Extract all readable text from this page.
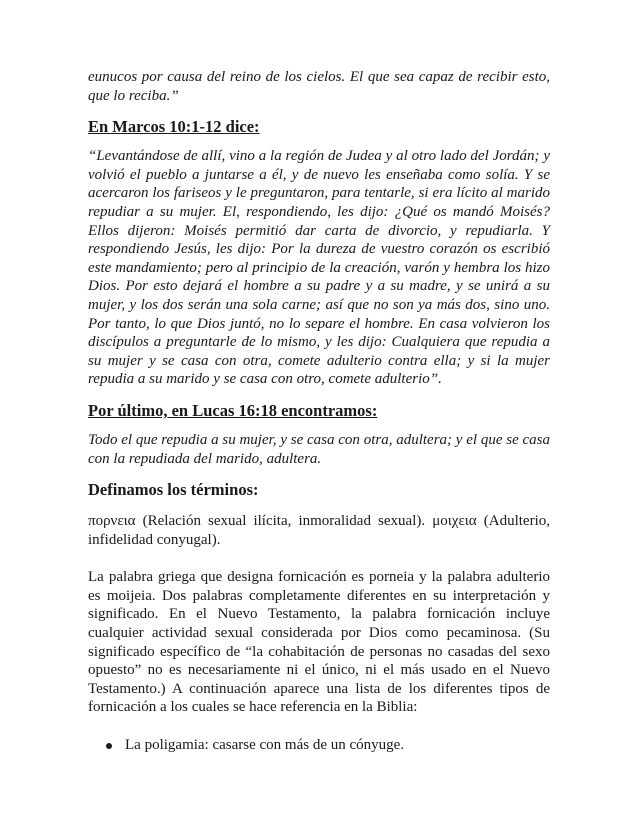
eunucos por causa del reino de los cielos. El que sea capaz de recibir esto, que lo reciba.”

En Marcos 10:1-12 dice:

“Levantándose de allí, vino a la región de Judea y al otro lado del Jordán; y volvió el pueblo a juntarse a él, y de nuevo les enseñaba como solía. Y se acercaron los fariseos y le preguntaron, para tentarle, si era lícito al marido repudiar a su mujer. El, respondiendo, les dijo: ¿Qué os mandó Moisés? Ellos dijeron: Moisés permitió dar carta de divorcio, y repudiarla. Y respondiendo Jesús, les dijo: Por la dureza de vuestro corazón os escribió este mandamiento; pero al principio de la creación, varón y hembra los hizo Dios. Por esto dejará el hombre a su padre y a su madre, y se unirá a su mujer, y los dos serán una sola carne; así que no son ya más dos, sino uno. Por tanto, lo que Dios juntó, no lo separe el hombre. En casa volvieron los discípulos a preguntarle de lo mismo, y les dijo: Cualquiera que repudia a su mujer y se casa con otra, comete adulterio contra ella; y si la mujer repudia a su marido y se casa con otro, comete adulterio”.

Por último, en Lucas 16:18 encontramos:

Todo el que repudia a su mujer, y se casa con otra, adultera; y el que se casa con la repudiada del marido, adultera.

Definamos los términos:

πορνεια (Relación sexual ilícita, inmoralidad sexual). μοιχεια (Adulterio, infidelidad conyugal).

La palabra griega que designa fornicación es porneia y la palabra adulterio es moijeia. Dos palabras completamente diferentes en su interpretación y significado. En el Nuevo Testamento, la palabra fornicación incluye cualquier actividad sexual considerada por Dios como pecaminosa. (Su significado específico de “la cohabitación de personas no casadas del sexo opuesto” no es necesariamente ni el único, ni el más usado en el Nuevo Testamento.) A continuación aparece una lista de los diferentes tipos de fornicación a los cuales se hace referencia en la Biblia:

La poligamia: casarse con más de un cónyuge.
